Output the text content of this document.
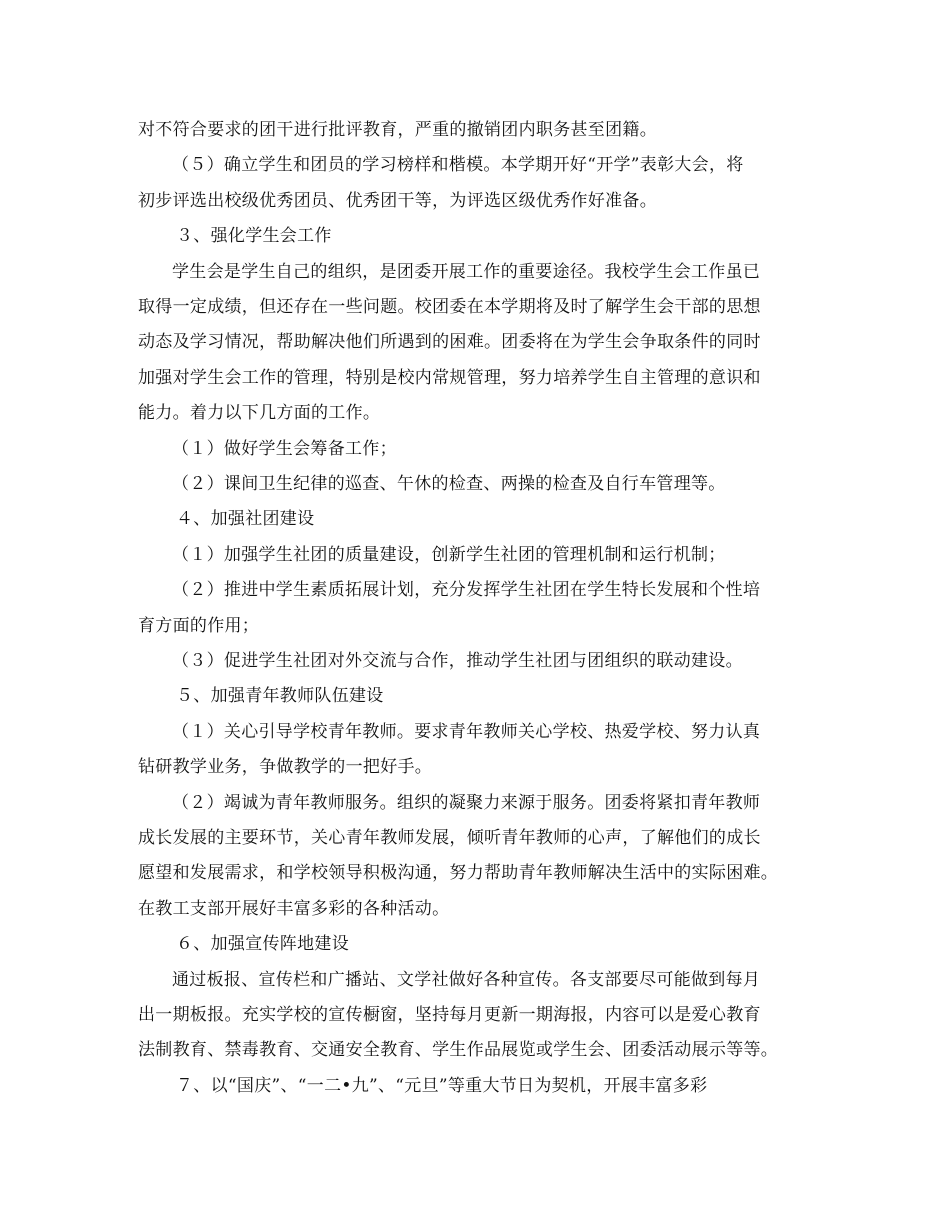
对不符合要求的团干进行批评教育，严重的撤销团内职务甚至团籍。
（５）确立学生和团员的学习榜样和楷模。本学期开好“开学”表彰大会，将
初步评选出校级优秀团员、优秀团干等，为评选区级优秀作好准备。
３、强化学生会工作
学生会是学生自己的组织，是团委开展工作的重要途径。我校学生会工作虽已
取得一定成绩，但还存在一些问题。校团委在本学期将及时了解学生会干部的思想
动态及学习情况，帮助解决他们所遇到的困难。团委将在为学生会争取条件的同时
加强对学生会工作的管理，特别是校内常规管理，努力培养学生自主管理的意识和
能力。着力以下几方面的工作。
（１）做好学生会筹备工作；
（２）课间卫生纪律的巡查、午休的检查、两操的检查及自行车管理等。
４、加强社团建设
（１）加强学生社团的质量建设，创新学生社团的管理机制和运行机制；
（２）推进中学生素质拓展计划，充分发挥学生社团在学生特长发展和个性培
育方面的作用；
（３）促进学生社团对外交流与合作，推动学生社团与团组织的联动建设。
５、加强青年教师队伍建设
（１）关心引导学校青年教师。要求青年教师关心学校、热爱学校、努力认真
钻研教学业务，争做教学的一把好手。
（２）竭诚为青年教师服务。组织的凝聚力来源于服务。团委将紧扣青年教师
成长发展的主要环节，关心青年教师发展，倾听青年教师的心声，了解他们的成长
愿望和发展需求，和学校领导积极沟通，努力帮助青年教师解决生活中的实际困难。
在教工支部开展好丰富多彩的各种活动。
６、加强宣传阵地建设
通过板报、宣传栏和广播站、文学社做好各种宣传。各支部要尽可能做到每月
出一期板报。充实学校的宣传橱窗，坚持每月更新一期海报，内容可以是爱心教育
法制教育、禁毒教育、交通安全教育、学生作品展览或学生会、团委活动展示等等。
７、以“国庆”、“一二•九”、“元旦”等重大节日为契机，开展丰富多彩
